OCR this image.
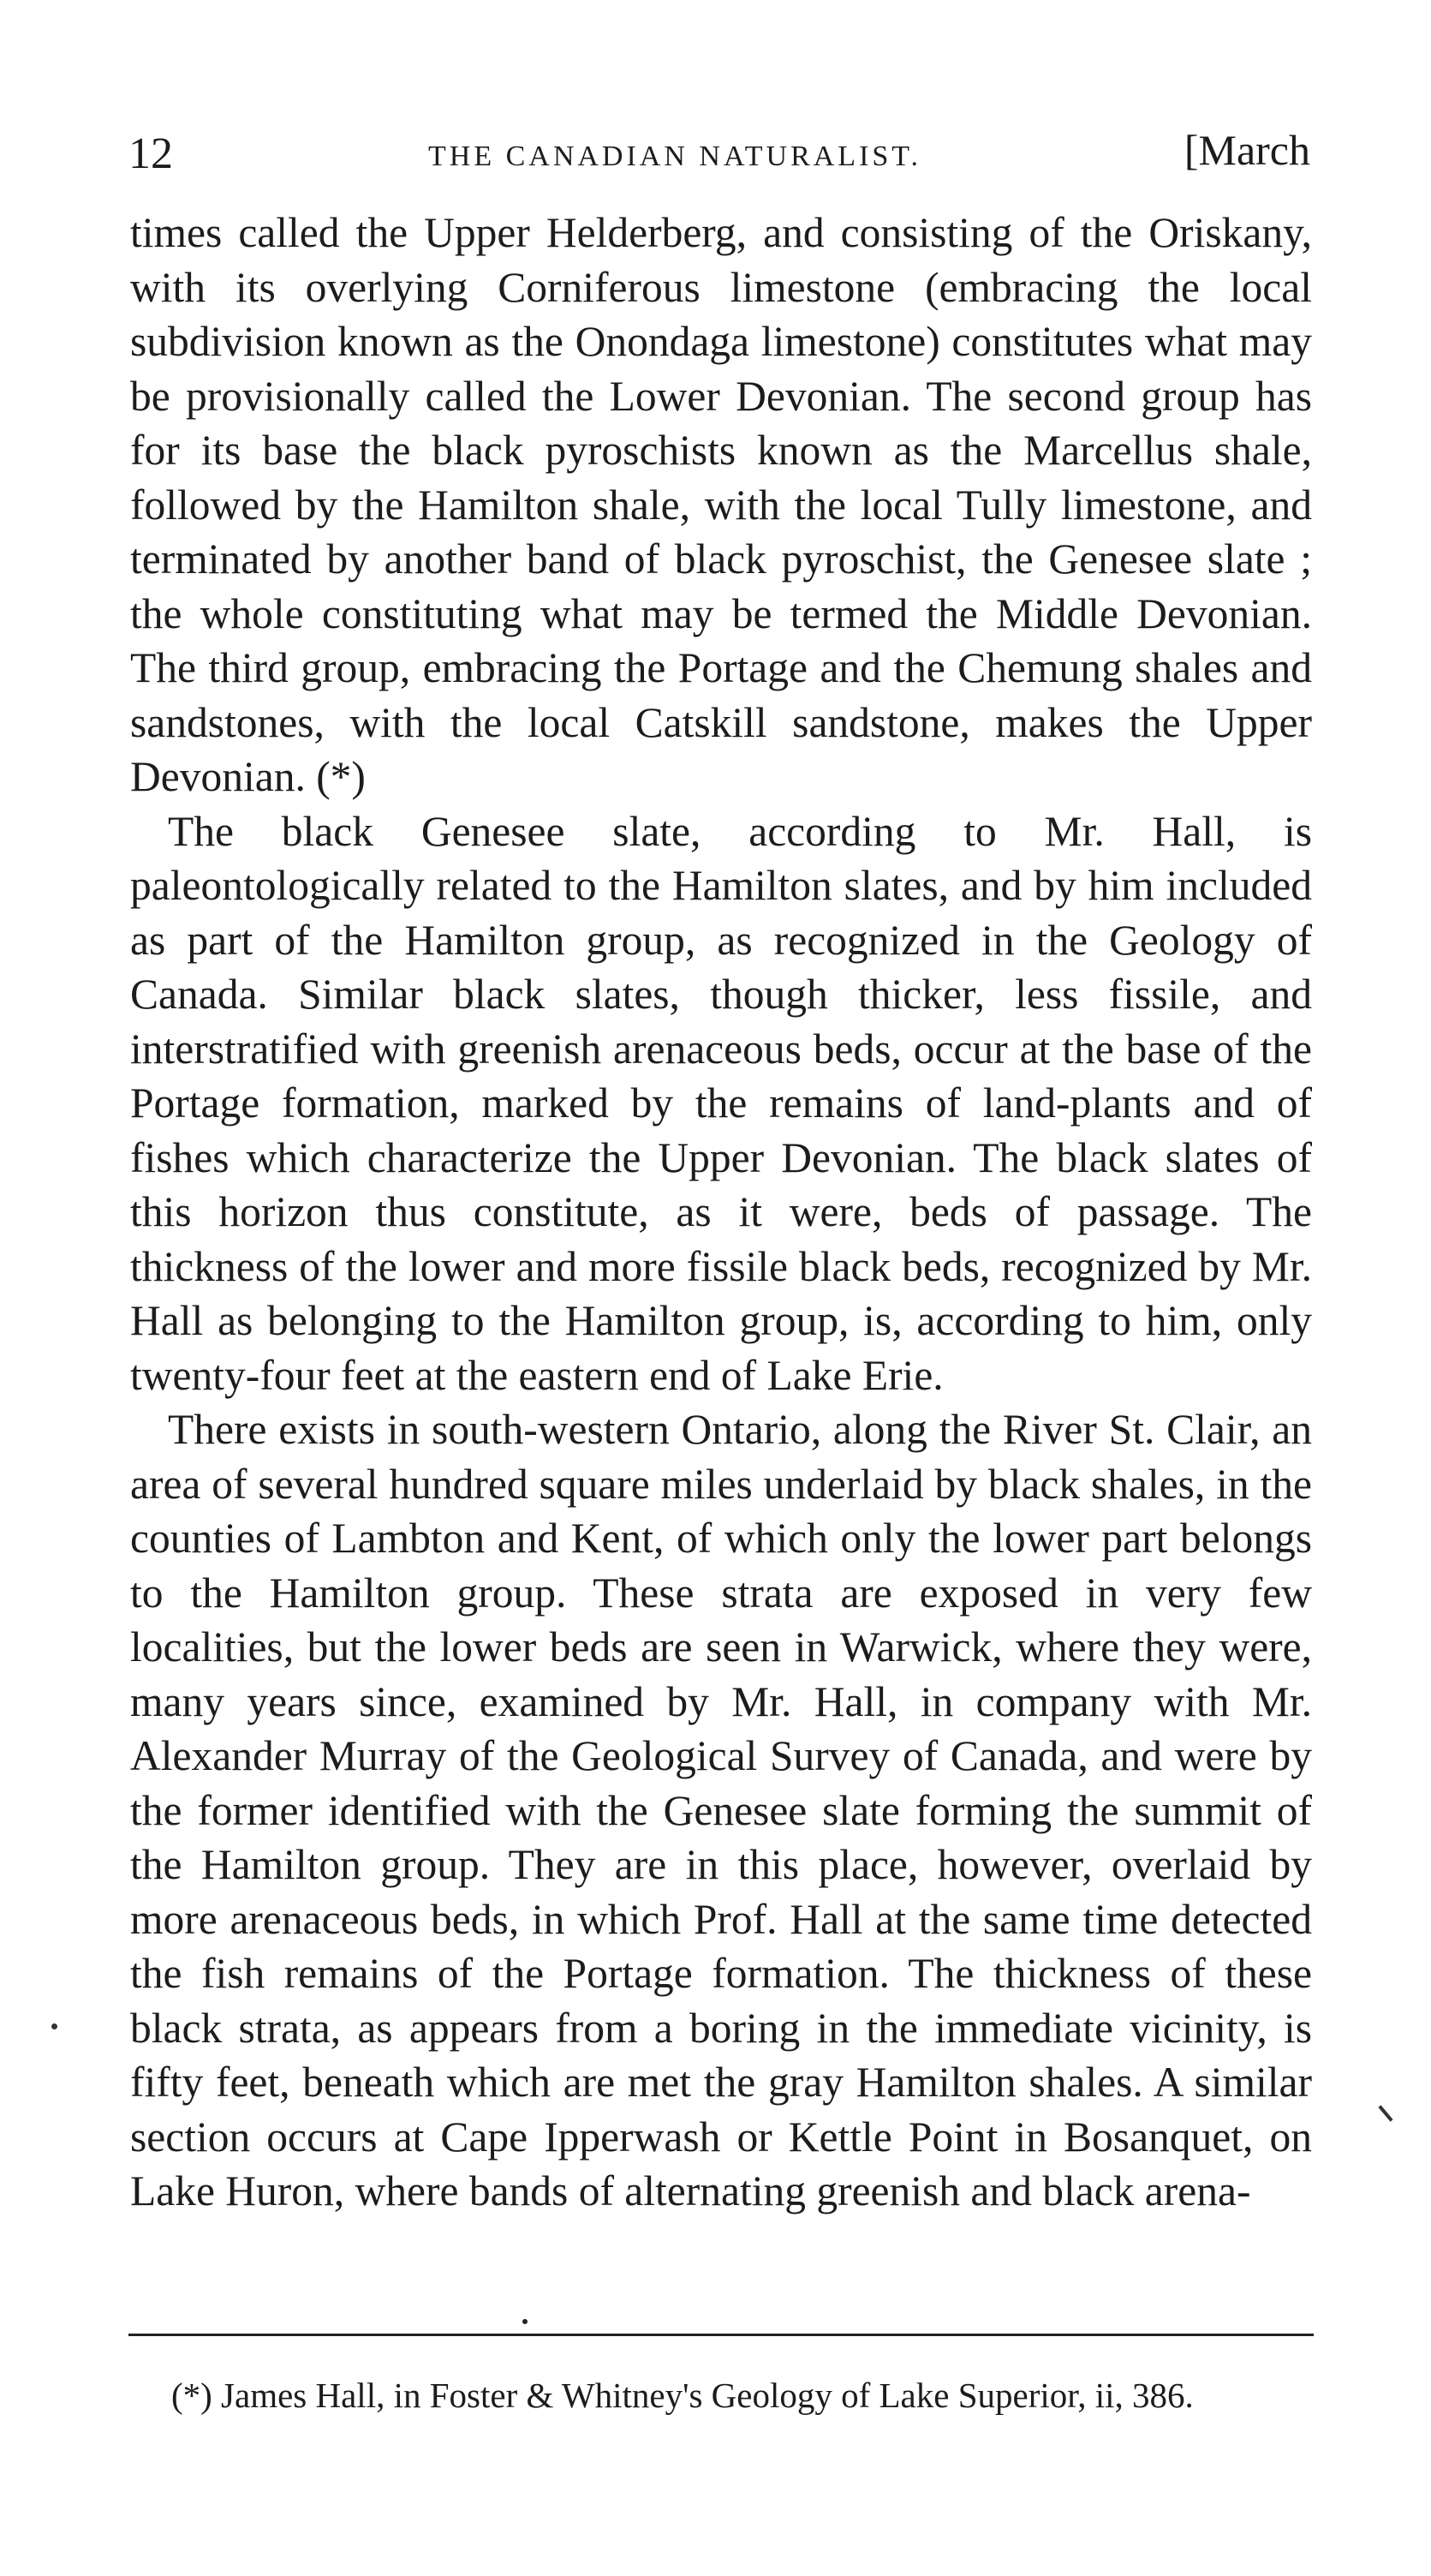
12	THE CANADIAN NATURALIST.	[March

times called the Upper Helderberg, and consisting of the Oriskany, with its overlying Corniferous limestone (embracing the local subdivision known as the Onondaga limestone) constitutes what may be provisionally called the Lower Devonian. The second group has for its base the black pyroschists known as the Marcellus shale, followed by the Hamilton shale, with the local Tully limestone, and terminated by another band of black pyroschist, the Genesee slate ; the whole constituting what may be termed the Middle Devonian. The third group, embracing the Portage and the Chemung shales and sandstones, with the local Catskill sandstone, makes the Upper Devonian. (*)

The black Genesee slate, according to Mr. Hall, is paleontologically related to the Hamilton slates, and by him included as part of the Hamilton group, as recognized in the Geology of Canada. Similar black slates, though thicker, less fissile, and interstratified with greenish arenaceous beds, occur at the base of the Portage formation, marked by the remains of land-plants and of fishes which characterize the Upper Devonian. The black slates of this horizon thus constitute, as it were, beds of passage. The thickness of the lower and more fissile black beds, recognized by Mr. Hall as belonging to the Hamilton group, is, according to him, only twenty-four feet at the eastern end of Lake Erie.

There exists in south-western Ontario, along the River St. Clair, an area of several hundred square miles underlaid by black shales, in the counties of Lambton and Kent, of which only the lower part belongs to the Hamilton group. These strata are exposed in very few localities, but the lower beds are seen in Warwick, where they were, many years since, examined by Mr. Hall, in company with Mr. Alexander Murray of the Geological Survey of Canada, and were by the former identified with the Genesee slate forming the summit of the Hamilton group. They are in this place, however, overlaid by more arenaceous beds, in which Prof. Hall at the same time detected the fish remains of the Portage formation. The thickness of these black strata, as appears from a boring in the immediate vicinity, is fifty feet, beneath which are met the gray Hamilton shales. A similar section occurs at Cape Ipperwash or Kettle Point in Bosanquet, on Lake Huron, where bands of alternating greenish and black arena-

(*) James Hall, in Foster & Whitney's Geology of Lake Superior, ii, 386.
